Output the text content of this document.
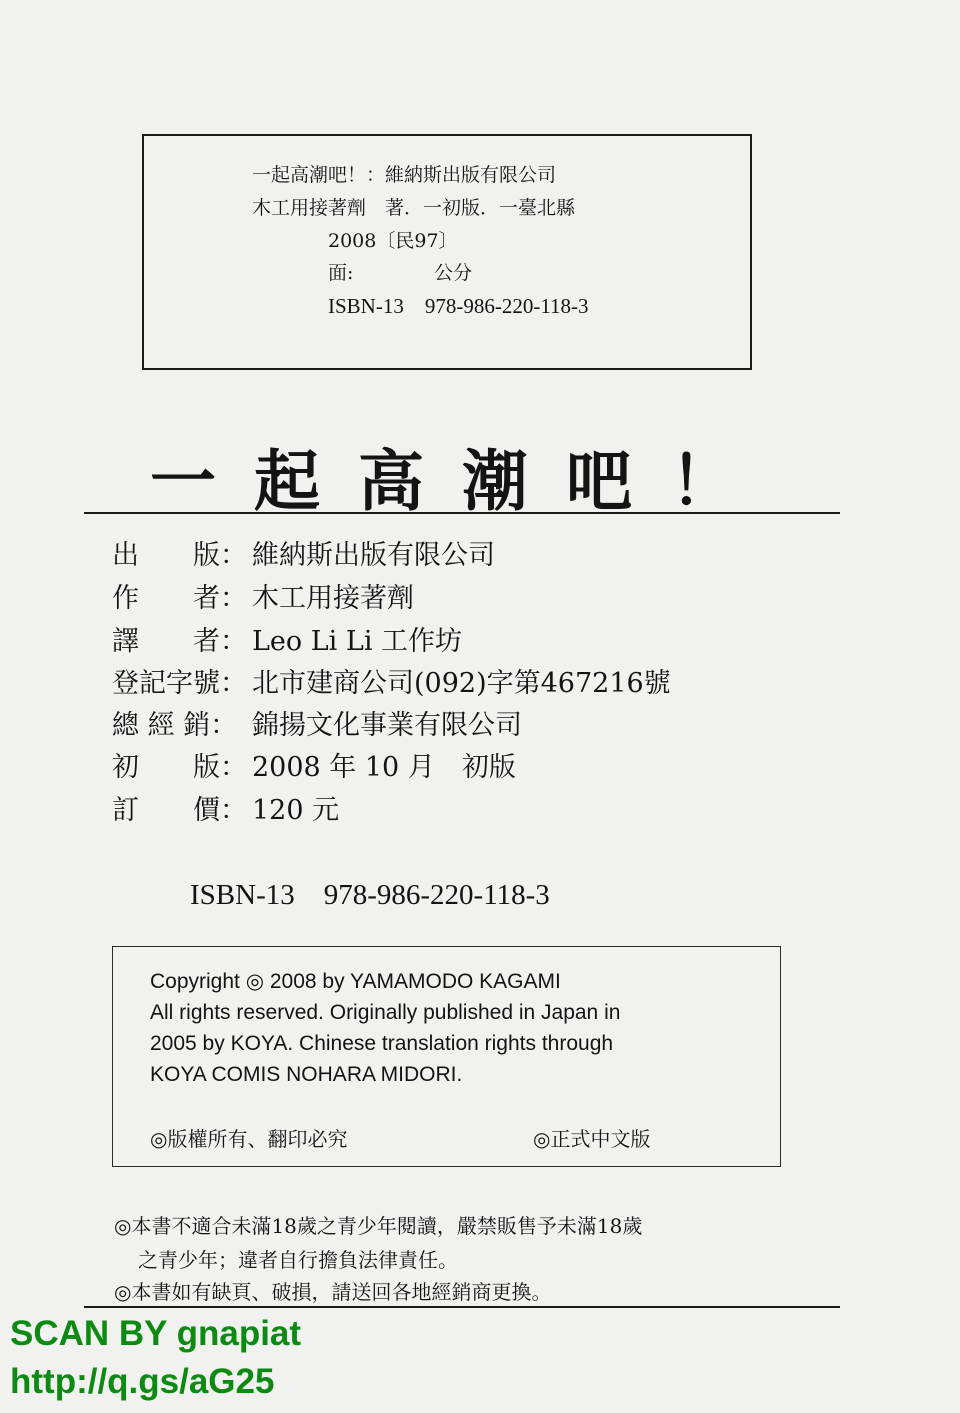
一起高潮吧！：維納斯出版有限公司
木工用接著劑　著．一初版．一臺北縣
2008〔民97〕
面:	公分
ISBN-13　978-986-220-118-3
一起高潮吧！
出　　版： 維納斯出版有限公司
作　　者： 木工用接著劑
譯　　者： Leo Li Li 工作坊
登記字號： 北市建商公司(092)字第467216號
總 經 銷： 錦揚文化事業有限公司
初　　版： 2008 年 10 月　初版
訂　　價： 120 元
ISBN-13　978-986-220-118-3
Copyright ◎ 2008 by YAMAMODO KAGAMI
All rights reserved. Originally published in Japan in
2005 by KOYA. Chinese translation rights through
KOYA COMIS NOHARA MIDORI.
◎版權所有、翻印必究	◎正式中文版
◎本書不適合未滿18歲之青少年閱讀，嚴禁販售予未滿18歲
之青少年；違者自行擔負法律責任。
◎本書如有缺頁、破損，請送回各地經銷商更換。
SCAN BY gnapiat
http://q.gs/aG25
